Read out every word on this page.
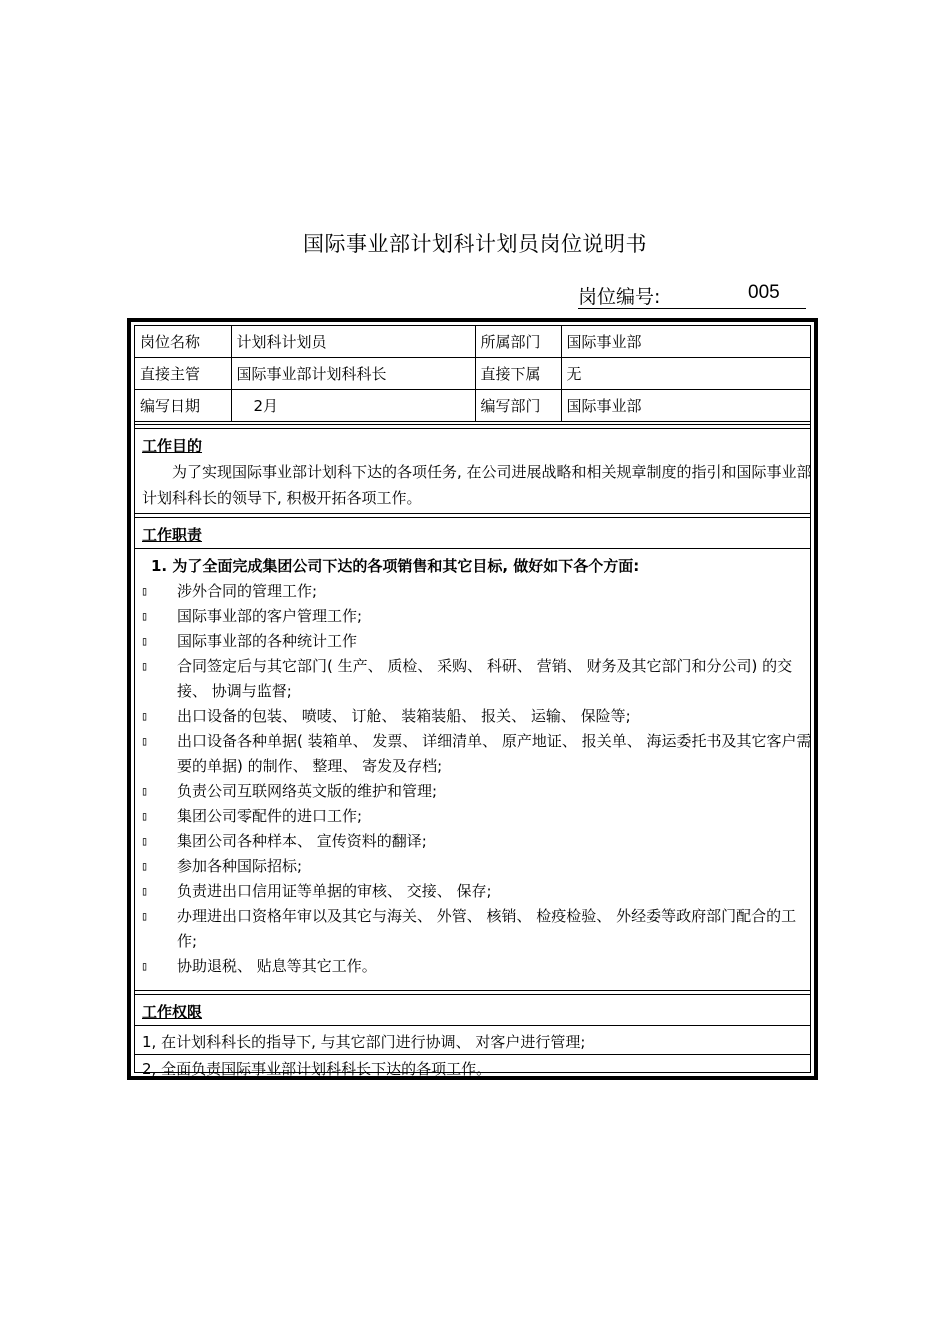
国际事业部计划科计划员岗位说明书
岗位编号:	005
岗位名称	计划科计划员	所属部门	国际事业部
直接主管	国际事业部计划科科长	直接下属	无
编写日期	2月	编写部门	国际事业部
工作目的
为了实现国际事业部计划科下达的各项任务, 在公司进展战略和相关规章制度的指引和国际事业部计划科科长的领导下, 积极开拓各项工作。
工作职责
1. 为了全面完成集团公司下达的各项销售和其它目标, 做好如下各个方面:
▯ 涉外合同的管理工作;
▯ 国际事业部的客户管理工作;
▯ 国际事业部的各种统计工作
▯ 合同签定后与其它部门( 生产、 质检、 采购、 科研、 营销、 财务及其它部门和分公司) 的交接、 协调与监督;
▯ 出口设备的包装、 喷唛、 订舱、 装箱装船、 报关、 运输、 保险等;
▯ 出口设备各种单据( 装箱单、 发票、 详细清单、 原产地证、 报关单、 海运委托书及其它客户需要的单据) 的制作、 整理、 寄发及存档;
▯ 负责公司互联网络英文版的维护和管理;
▯ 集团公司零配件的进口工作;
▯ 集团公司各种样本、 宣传资料的翻译;
▯ 参加各种国际招标;
▯ 负责进出口信用证等单据的审核、 交接、 保存;
▯ 办理进出口资格年审以及其它与海关、 外管、 核销、 检疫检验、 外经委等政府部门配合的工作;
▯ 协助退税、 贴息等其它工作。
工作权限
1, 在计划科科长的指导下, 与其它部门进行协调、 对客户进行管理;
2, 全面负责国际事业部计划科科长下达的各项工作。
